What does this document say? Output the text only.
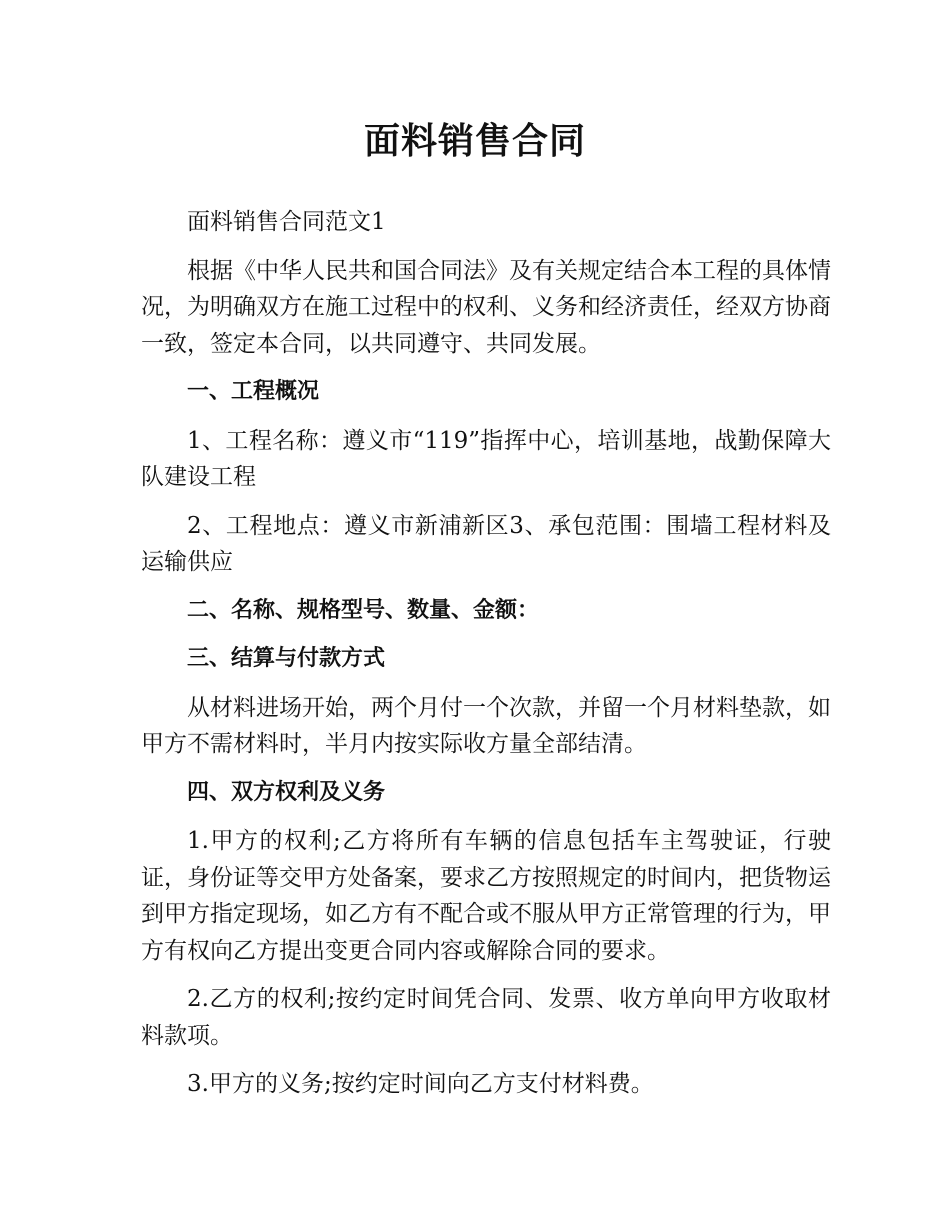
面料销售合同

面料销售合同范文1

根据《中华人民共和国合同法》及有关规定结合本工程的具体情况，为明确双方在施工过程中的权利、义务和经济责任，经双方协商一致，签定本合同，以共同遵守、共同发展。

一、工程概况

1、工程名称：遵义市“119”指挥中心，培训基地，战勤保障大队建设工程

2、工程地点：遵义市新浦新区3、承包范围：围墙工程材料及运输供应

二、名称、规格型号、数量、金额：

三、结算与付款方式

从材料进场开始，两个月付一个次款，并留一个月材料垫款，如甲方不需材料时，半月内按实际收方量全部结清。

四、双方权利及义务

1.甲方的权利;乙方将所有车辆的信息包括车主驾驶证，行驶证，身份证等交甲方处备案，要求乙方按照规定的时间内，把货物运到甲方指定现场，如乙方有不配合或不服从甲方正常管理的行为，甲方有权向乙方提出变更合同内容或解除合同的要求。

2.乙方的权利;按约定时间凭合同、发票、收方单向甲方收取材料款项。

3.甲方的义务;按约定时间向乙方支付材料费。
